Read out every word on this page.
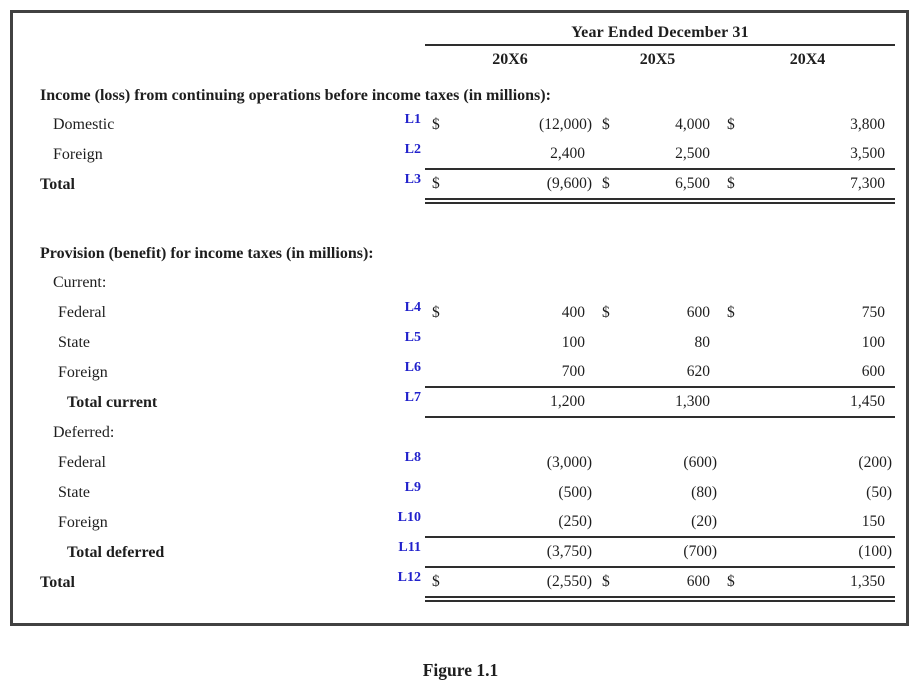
Year Ended December 31
20X6	20X5	20X4
Income (loss) from continuing operations before income taxes (in millions):
Domestic	L1 $	(12,000) $	4,000 $	3,800
Foreign	L2	2,400	2,500	3,500
Total	L3 $	(9,600) $	6,500 $	7,300
Provision (benefit) for income taxes (in millions):
Current:
Federal	L4 $	400 $	600 $	750
State	L5	100	80	100
Foreign	L6	700	620	600
Total current	L7	1,200	1,300	1,450
Deferred:
Federal	L8	(3,000)	(600)	(200)
State	L9	(500)	(80)	(50)
Foreign	L10	(250)	(20)	150
Total deferred	L11	(3,750)	(700)	(100)
Total	L12 $	(2,550) $	600 $	1,350
Figure 1.1
